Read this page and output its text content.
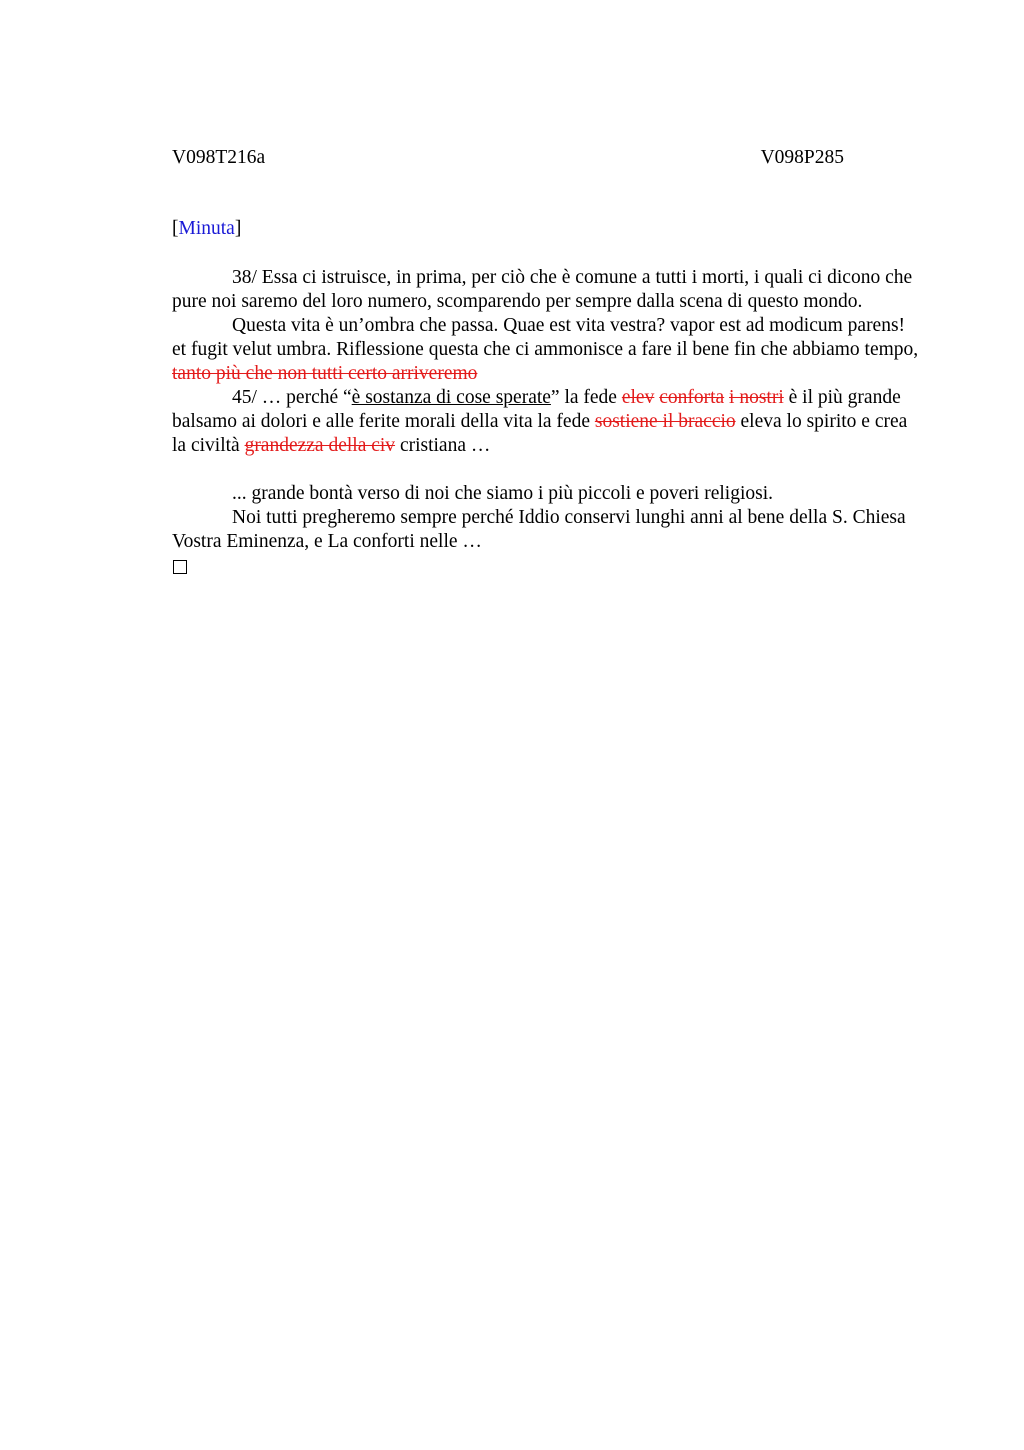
V098T216a	V098P285
[Minuta]

38/ Essa ci istruisce, in prima, per ciò che è comune a tutti i morti, i quali ci dicono che pure noi saremo del loro numero, scomparendo per sempre dalla scena di questo mondo.

Questa vita è un’ombra che passa. Quae est vita vestra? vapor est ad modicum parens! et fugit velut umbra. Riflessione questa che ci ammonisce a fare il bene fin che abbiamo tempo, tanto più che non tutti certo arriveremo

45/ … perché “è sostanza di cose sperate” la fede elev conforta i nostri è il più grande balsamo ai dolori e alle ferite morali della vita la fede sostiene il braccio eleva lo spirito e crea la civiltà grandezza della civ cristiana …

... grande bontà verso di noi che siamo i più piccoli e poveri religiosi.

Noi tutti pregheremo sempre perché Iddio conservi lunghi anni al bene della S. Chiesa Vostra Eminenza, e La conforti nelle …
